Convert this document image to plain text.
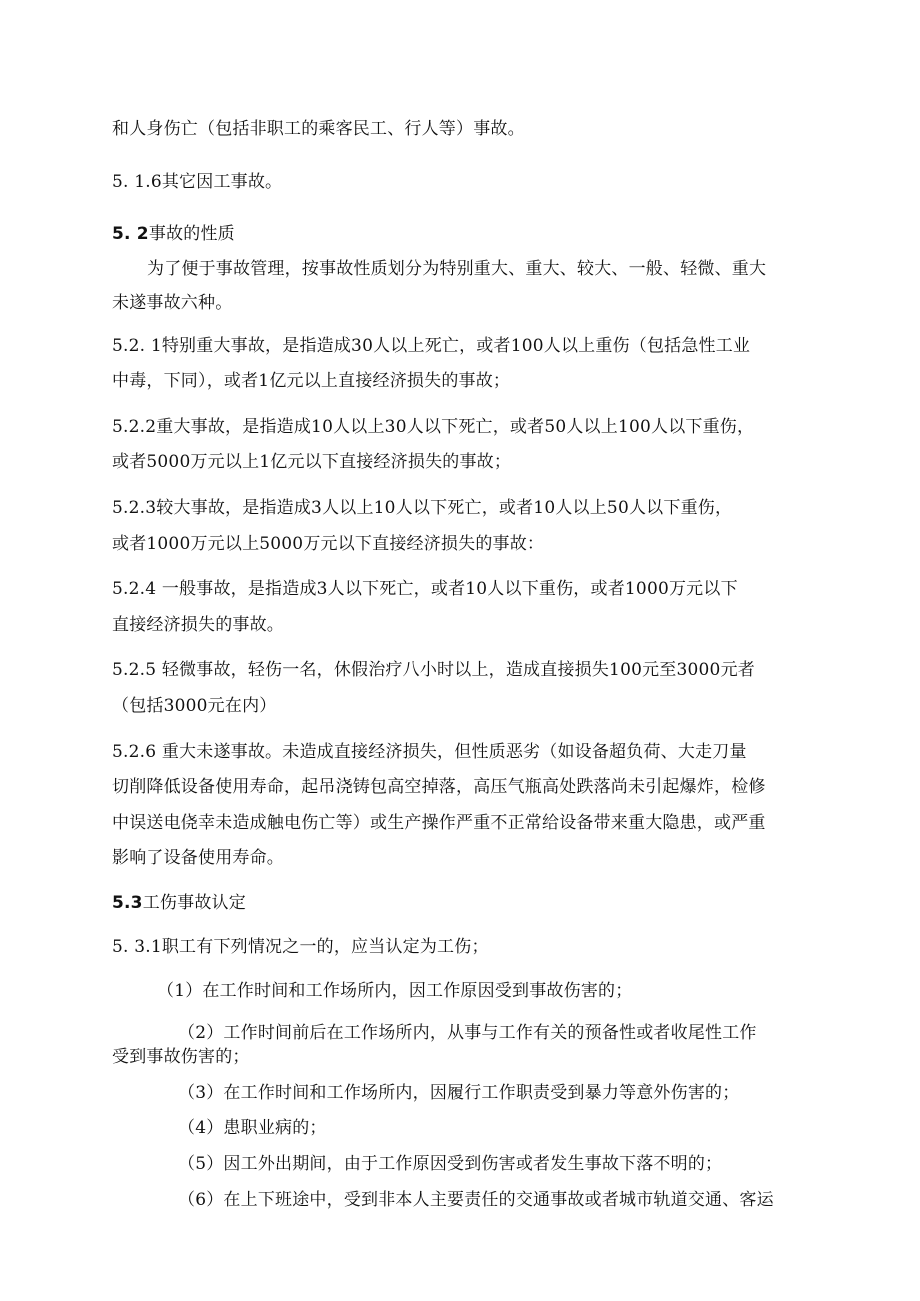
和人身伤亡（包括非职工的乘客民工、行人等）事故。
5. 1.6其它因工事故。
5. 2事故的性质
为了便于事故管理，按事故性质划分为特别重大、重大、较大、一般、轻微、重大
未遂事故六种。
5.2. 1特别重大事故，是指造成30人以上死亡，或者100人以上重伤（包括急性工业
中毒，下同），或者1亿元以上直接经济损失的事故；
5.2.2重大事故，是指造成10人以上30人以下死亡，或者50人以上100人以下重伤，
或者5000万元以上1亿元以下直接经济损失的事故；
5.2.3较大事故，是指造成3人以上10人以下死亡，或者10人以上50人以下重伤，
或者1000万元以上5000万元以下直接经济损失的事故：
5.2.4 一般事故，是指造成3人以下死亡，或者10人以下重伤，或者1000万元以下
直接经济损失的事故。
5.2.5 轻微事故，轻伤一名，休假治疗八小时以上，造成直接损失100元至3000元者
（包括3000元在内）
5.2.6 重大未遂事故。未造成直接经济损失，但性质恶劣（如设备超负荷、大走刀量
切削降低设备使用寿命，起吊浇铸包高空掉落，高压气瓶高处跌落尚未引起爆炸，检修
中误送电侥幸未造成触电伤亡等）或生产操作严重不正常给设备带来重大隐患，或严重
影响了设备使用寿命。
5.3工伤事故认定
5. 3.1职工有下列情况之一的，应当认定为工伤；
（1）在工作时间和工作场所内，因工作原因受到事故伤害的；
（2）工作时间前后在工作场所内，从事与工作有关的预备性或者收尾性工作
受到事故伤害的；
（3）在工作时间和工作场所内，因履行工作职责受到暴力等意外伤害的；
（4）患职业病的；
（5）因工外出期间，由于工作原因受到伤害或者发生事故下落不明的；
（6）在上下班途中，受到非本人主要责任的交通事故或者城市轨道交通、客运
